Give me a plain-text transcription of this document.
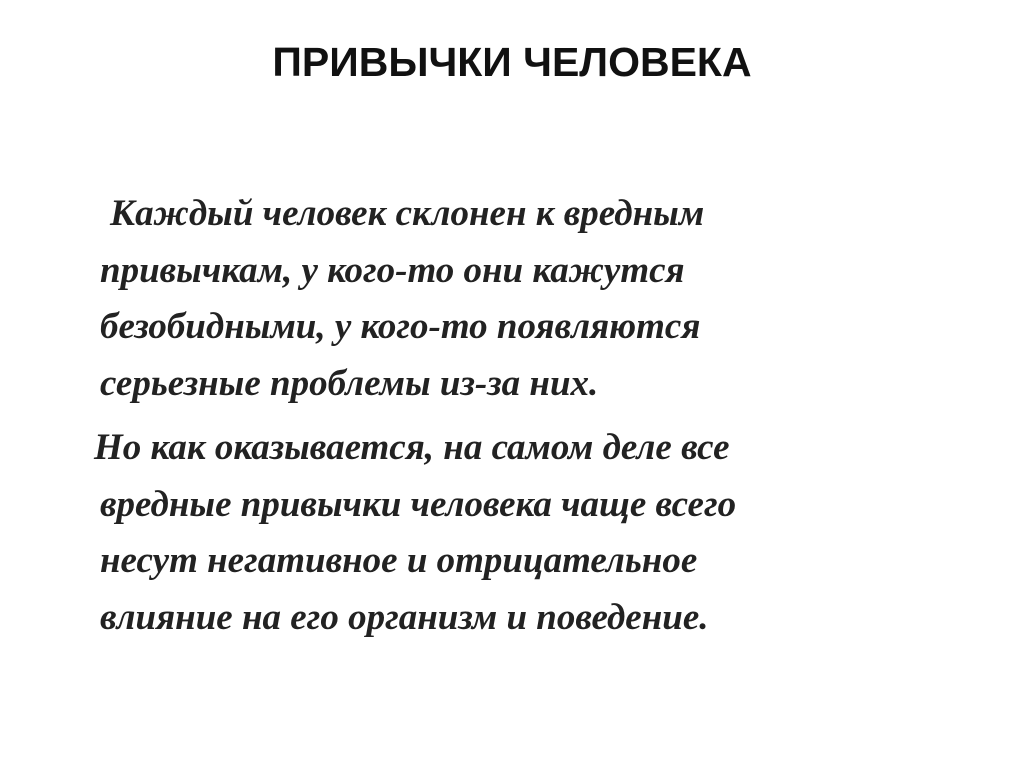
ПРИВЫЧКИ ЧЕЛОВЕКА

Каждый человек склонен к вредным
привычкам, у кого-то они кажутся
безобидными, у кого-то появляются
серьезные проблемы из-за них.

Но как оказывается, на самом деле все
вредные привычки человека чаще всего
несут негативное и отрицательное
влияние на его организм и поведение.
